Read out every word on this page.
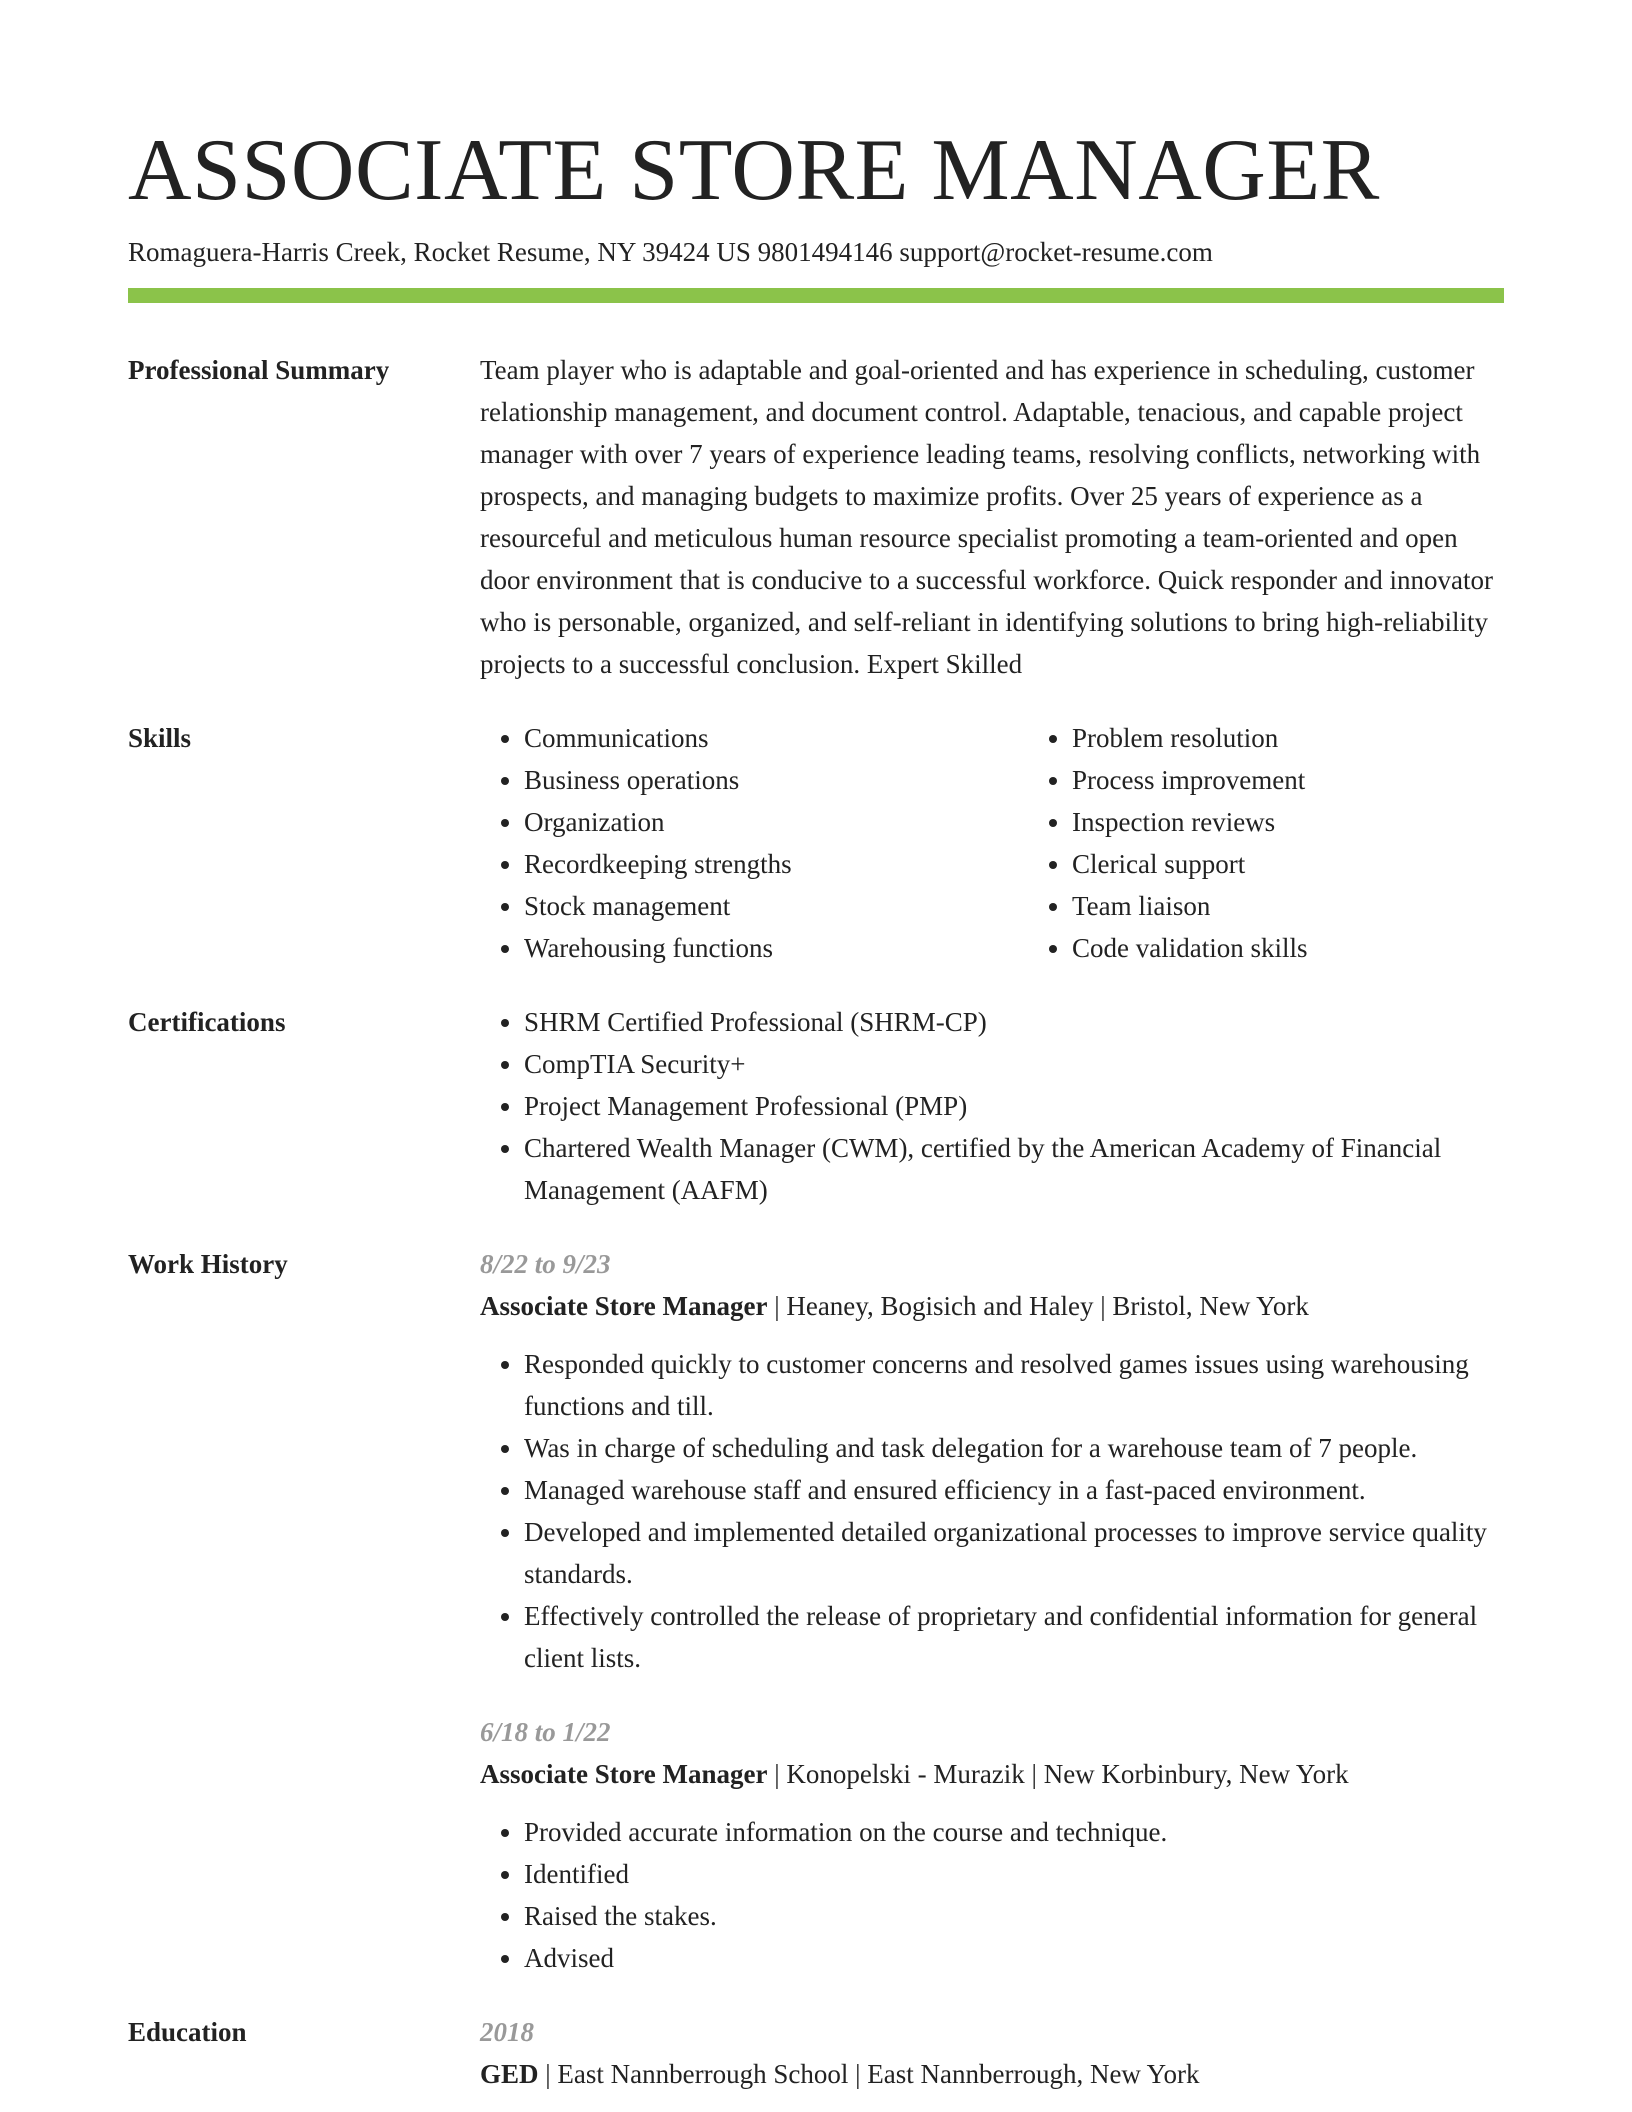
ASSOCIATE STORE MANAGER
Romaguera-Harris Creek, Rocket Resume, NY 39424 US 9801494146 support@rocket-resume.com
Professional Summary	Team player who is adaptable and goal-oriented and has experience in scheduling, customer relationship management, and document control. Adaptable, tenacious, and capable project manager with over 7 years of experience leading teams, resolving conflicts, networking with prospects, and managing budgets to maximize profits. Over 25 years of experience as a resourceful and meticulous human resource specialist promoting a team-oriented and open door environment that is conducive to a successful workforce. Quick responder and innovator who is personable, organized, and self-reliant in identifying solutions to bring high-reliability projects to a successful conclusion. Expert Skilled

Skills	• Communications
• Business operations
• Organization
• Recordkeeping strengths
• Stock management
• Warehousing functions
• Problem resolution
• Process improvement
• Inspection reviews
• Clerical support
• Team liaison
• Code validation skills
Certifications	• SHRM Certified Professional (SHRM-CP)
• CompTIA Security+
• Project Management Professional (PMP)
• Chartered Wealth Manager (CWM), certified by the American Academy of Financial Management (AAFM)
Work History	8/22 to 9/23
Associate Store Manager | Heaney, Bogisich and Haley | Bristol, New York
• Responded quickly to customer concerns and resolved games issues using warehousing functions and till.
• Was in charge of scheduling and task delegation for a warehouse team of 7 people.
• Managed warehouse staff and ensured efficiency in a fast-paced environment.
• Developed and implemented detailed organizational processes to improve service quality standards.
• Effectively controlled the release of proprietary and confidential information for general client lists.
6/18 to 1/22
Associate Store Manager | Konopelski - Murazik | New Korbinbury, New York
• Provided accurate information on the course and technique.
• Identified
• Raised the stakes.
• Advised
Education	2018
GED | East Nannberrough School | East Nannberrough, New York
